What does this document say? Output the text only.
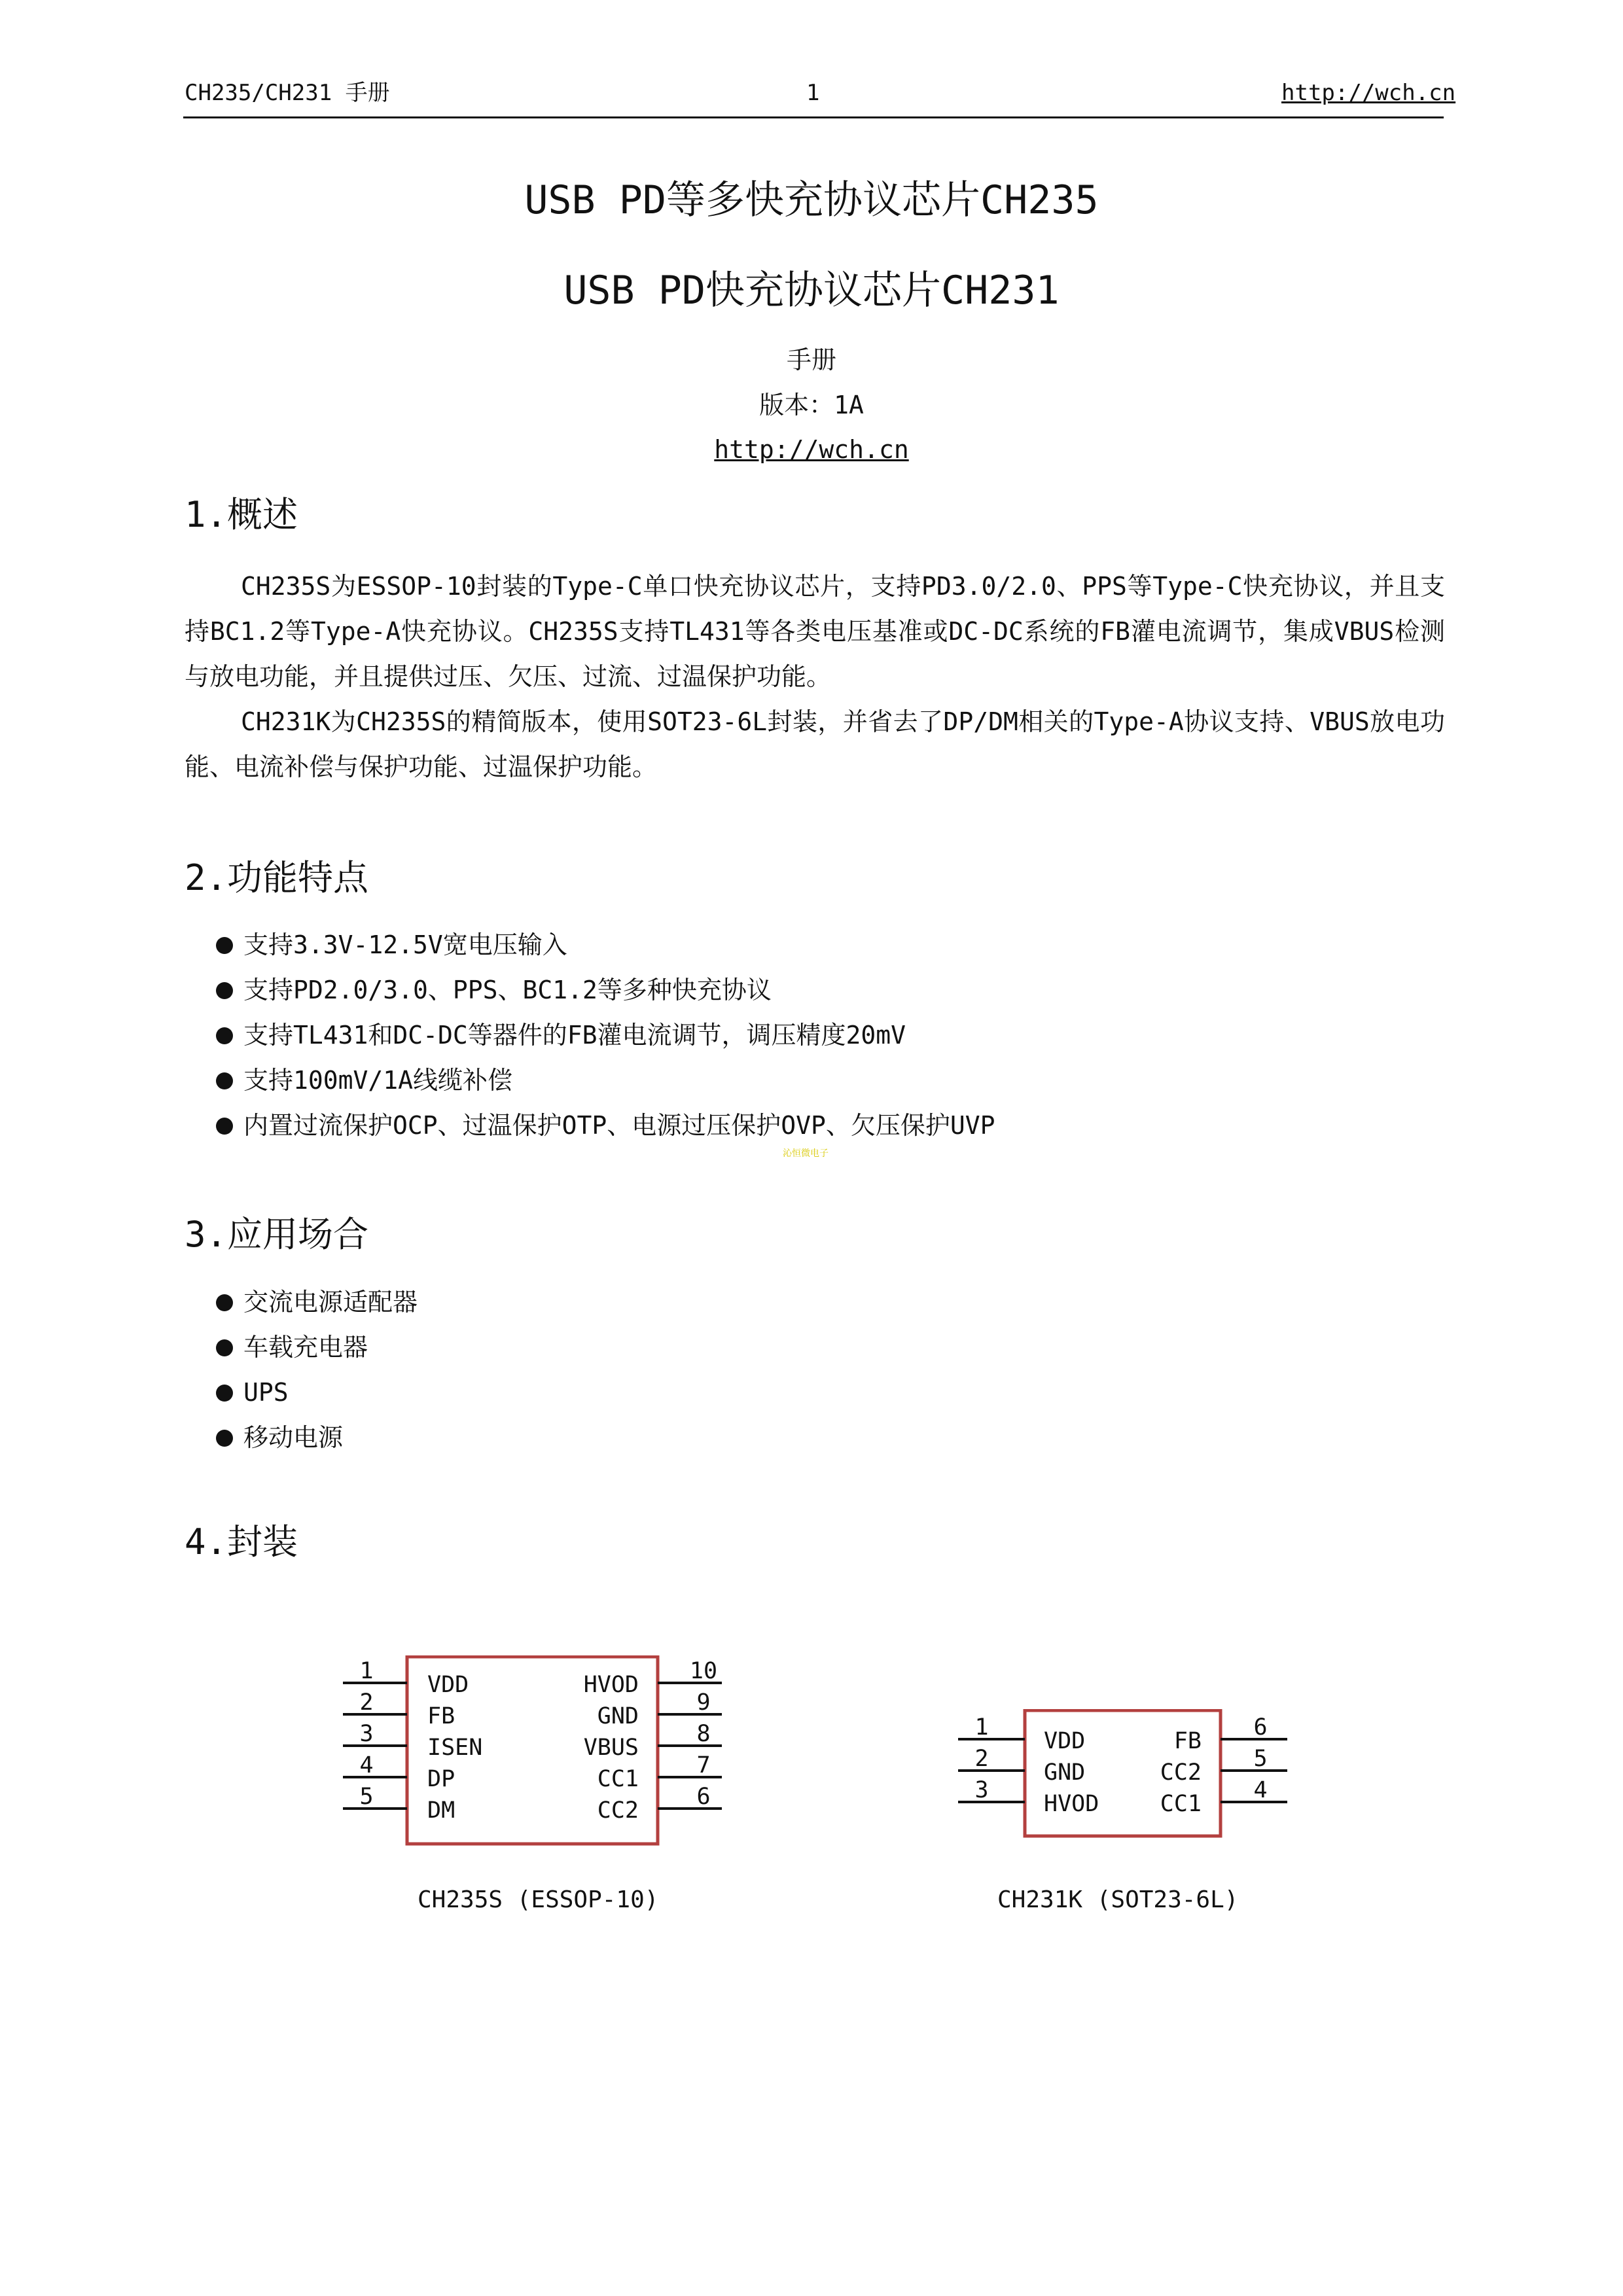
CH235/CH231 手册	1	http://wch.cn
USB PD等多快充协议芯片CH235
USB PD快充协议芯片CH231
手册
版本：1A
http://wch.cn
1.概述

CH235S为ESSOP-10封装的Type-C单口快充协议芯片，支持PD3.0/2.0、PPS等Type-C快充协议，并且支持BC1.2等Type-A快充协议。CH235S支持TL431等各类电压基准或DC-DC系统的FB灌电流调节，集成VBUS检测与放电功能，并且提供过压、欠压、过流、过温保护功能。

CH231K为CH235S的精简版本，使用SOT23-6L封装，并省去了DP/DM相关的Type-A协议支持、VBUS放电功能、电流补偿与保护功能、过温保护功能。

2.功能特点
支持3.3V-12.5V宽电压输入
支持PD2.0/3.0、PPS、BC1.2等多种快充协议
支持TL431和DC-DC等器件的FB灌电流调节，调压精度20mV
支持100mV/1A线缆补偿
内置过流保护OCP、过温保护OTP、电源过压保护OVP、欠压保护UVP
沁恒微电子
3.应用场合
交流电源适配器
车载充电器
UPS
移动电源
4.封装
1
2
3
4
5
10
9
8
7
6
VDD
FB
ISEN
DP
DM
HVOD
GND
VBUS
CC1
CC2
CH235S (ESSOP-10)
1
2
3
6
5
4
VDD
GND
HVOD
FB
CC2
CC1
CH231K (SOT23-6L)
